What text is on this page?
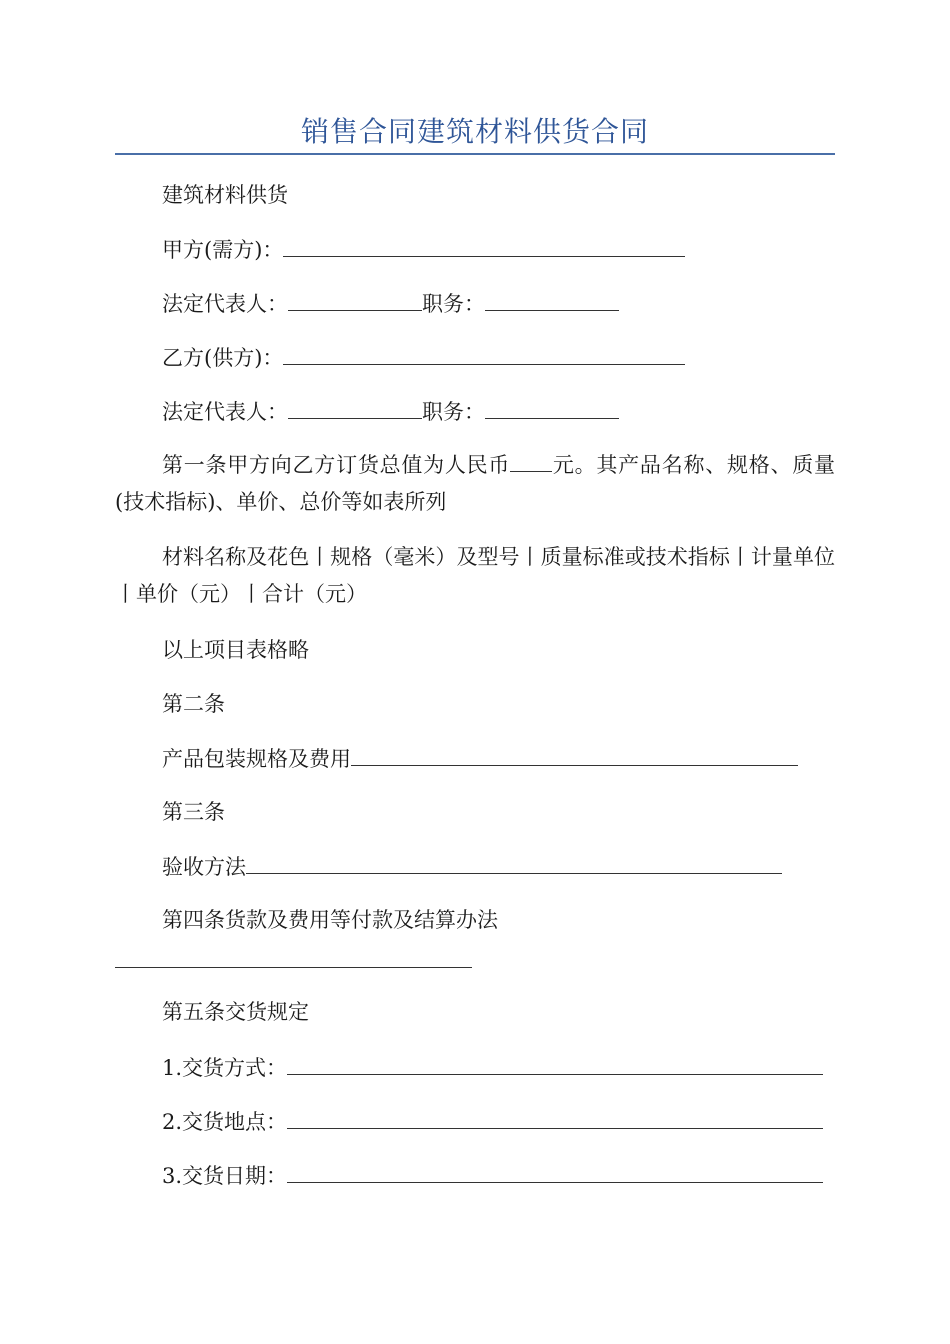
销售合同建筑材料供货合同
建筑材料供货
甲方(需方)：
法定代表人：	职务：
乙方(供方)：
法定代表人：	职务：

第一条甲方向乙方订货总值为人民币 元。其产品名称、规格、质量(技术指标)、单价、总价等如表所列

材料名称及花色丨规格（毫米）及型号丨质量标准或技术指标丨计量单位丨单价（元）丨合计（元）

以上项目表格略
第二条
产品包装规格及费用
第三条
验收方法
第四条货款及费用等付款及结算办法
第五条交货规定
1.交货方式：
2.交货地点：
3.交货日期：
